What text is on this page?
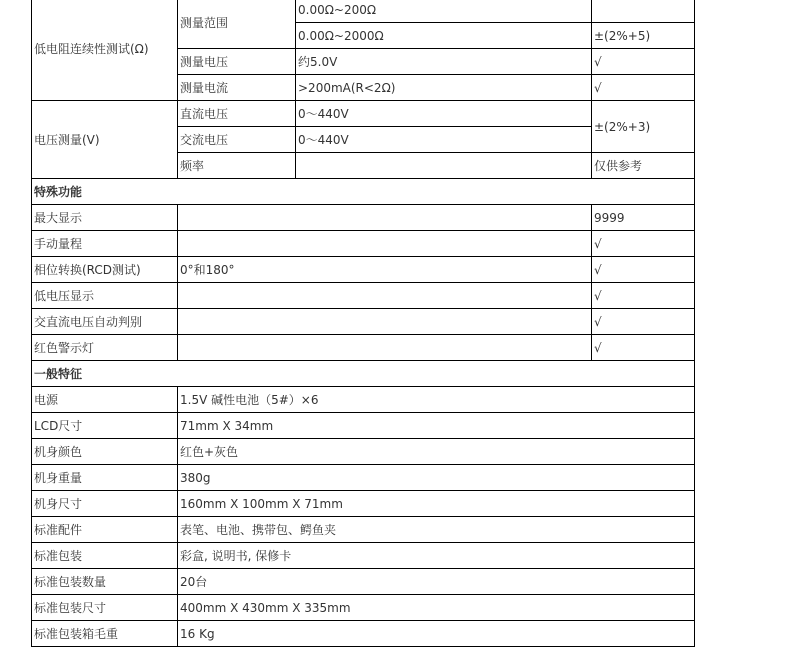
低电阻连续性测试(Ω)	测量范围	0.00Ω~200Ω	
		0.00Ω~2000Ω	±(2%+5)
	测量电压	约5.0V	√
	测量电流	>200mA(R<2Ω)	√
电压测量(V)	直流电压	0～440V	±(2%+3)
	交流电压	0～440V	
	频率		仅供参考
特殊功能			
最大显示			9999
手动量程			√
相位转换(RCD测试)	0°和180°		√
低电压显示			√
交直流电压自动判别			√
红色警示灯			√
一般特征			
电源	1.5V 碱性电池（5#）×6		
LCD尺寸	71mm X 34mm		
机身颜色	红色+灰色		
机身重量	380g		
机身尺寸	160mm X 100mm X 71mm		
标准配件	表笔、电池、携带包、鳄鱼夹		
标准包装	彩盒, 说明书, 保修卡		
标准包装数量	20台		
标准包装尺寸	400mm X 430mm X 335mm		
标准包装箱毛重	16 Kg		
